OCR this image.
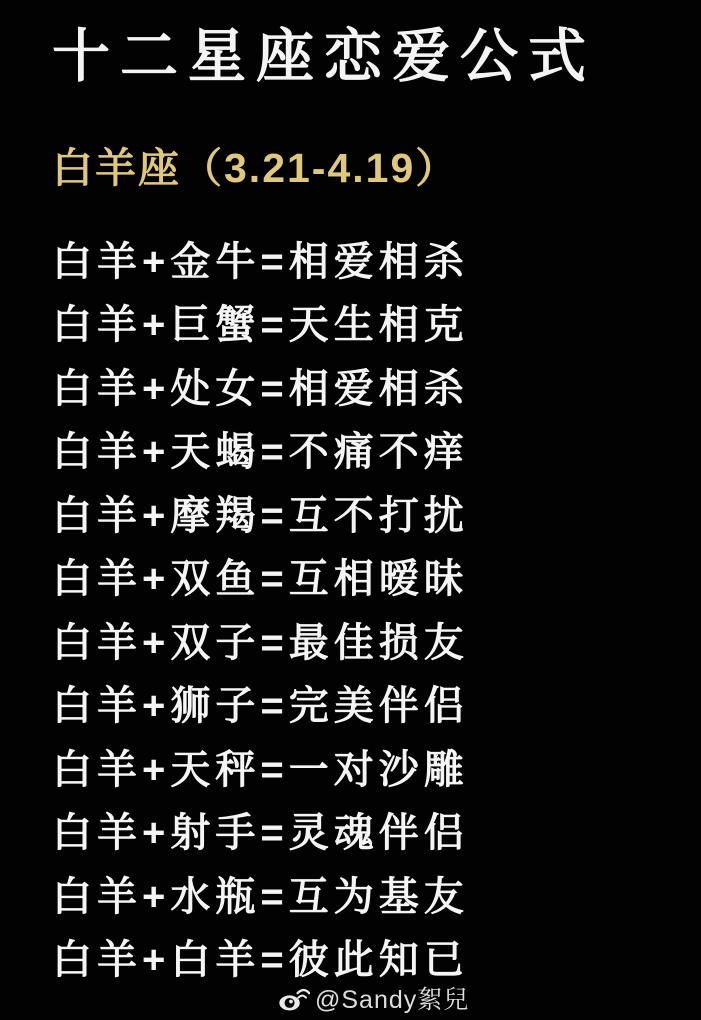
十二星座恋爱公式
白羊座（3.21-4.19）
白羊+金牛=相爱相杀
白羊+巨蟹=天生相克
白羊+处女=相爱相杀
白羊+天蝎=不痛不痒
白羊+摩羯=互不打扰
白羊+双鱼=互相暧昧
白羊+双子=最佳损友
白羊+狮子=完美伴侣
白羊+天秤=一对沙雕
白羊+射手=灵魂伴侣
白羊+水瓶=互为基友
白羊+白羊=彼此知已
@Sandy絮兒
